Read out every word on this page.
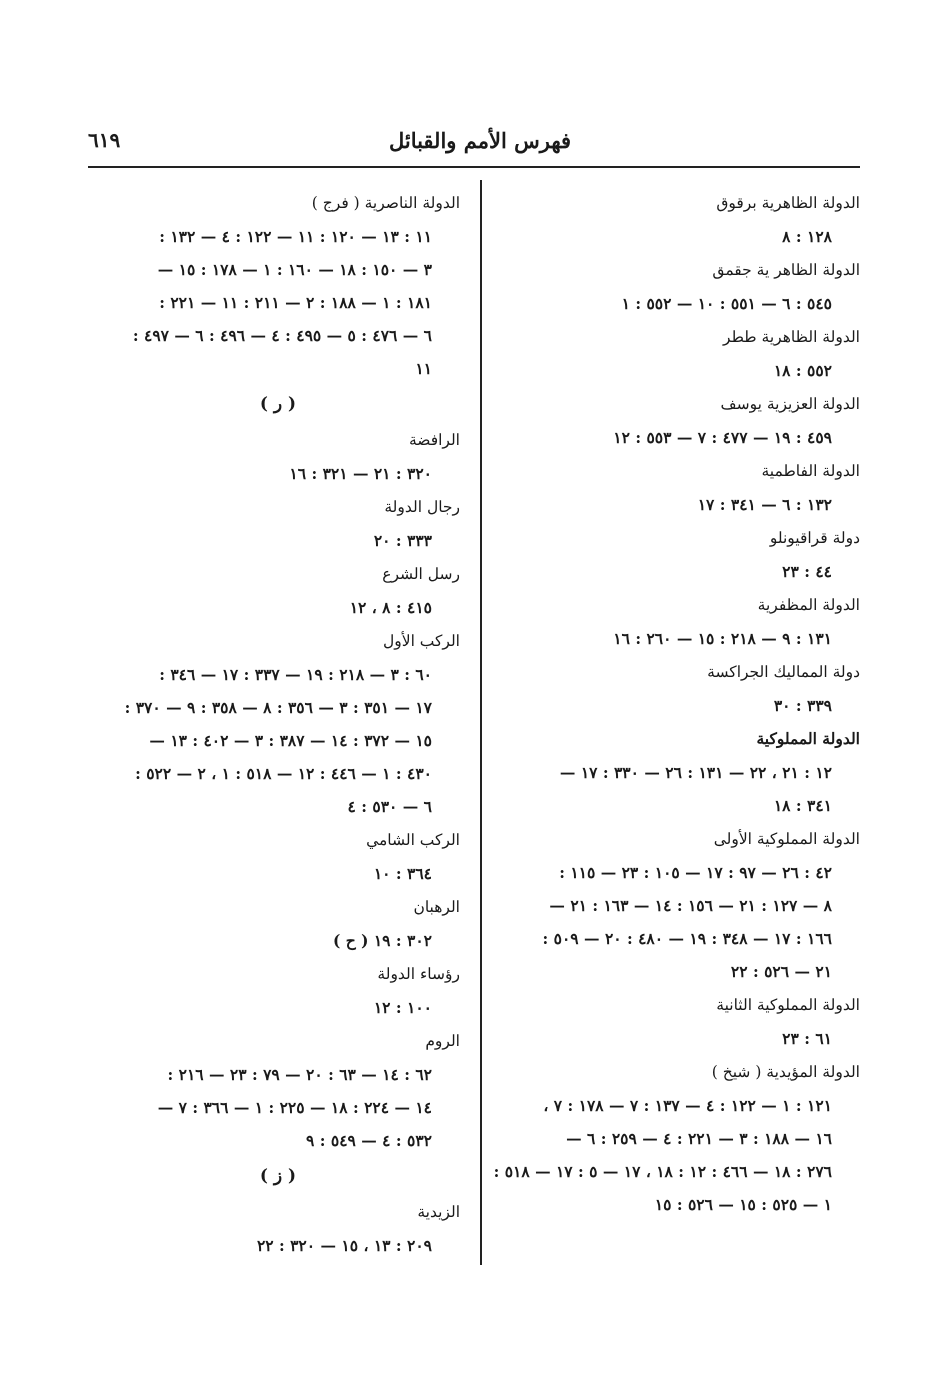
فهرس الأمم والقبائل
٦١٩
الدولة الظاهرية برقوق
١٢٨ : ٨
الدولة الظاهر ية جقمق
٥٤٥ : ٦ — ٥٥١ : ١٠ — ٥٥٢ : ١
الدولة الظاهرية ططر
٥٥٢ : ١٨
الدولة العزيزية يوسف
٤٥٩ : ١٩ — ٤٧٧ : ٧ — ٥٥٣ : ١٢
الدولة الفاطمية
١٣٢ : ٦ — ٣٤١ : ١٧
دولة قراقيونلو
٤٤ : ٢٣
الدولة المظفرية
١٣١ : ٩ — ٢١٨ : ١٥ — ٢٦٠ : ١٦
دولة المماليك الجراكسة
٣٣٩ : ٣٠
الدولة المملوكية
١٢ : ٢١ ، ٢٢ — ١٣١ : ٢٦ — ٣٣٠ : ١٧ —
٣٤١ : ١٨
الدولة المملوكية الأولى
٤٢ : ٢٦ — ٩٧ : ١٧ — ١٠٥ : ٢٣ — ١١٥ :
٨ — ١٢٧ : ٢١ — ١٥٦ : ١٤ — ١٦٣ : ٢١ —
١٦٦ : ١٧ — ٣٤٨ : ١٩ — ٤٨٠ : ٢٠ — ٥٠٩ :
٢١ — ٥٢٦ : ٢٢
الدولة المملوكية الثانية
٦١ : ٢٣
الدولة المؤيدية ( شيخ )
١٢١ : ١ — ١٢٢ : ٤ — ١٣٧ : ٧ — ١٧٨ : ٧ ،
١٦ — ١٨٨ : ٣ — ٢٢١ : ٤ — ٢٥٩ : ٦ —
٢٧٦ : ١٨ — ٤٦٦ : ١٢ : ١٨ ، ١٧ — ٥ : ١٧ — ٥١٨ :
١ — ٥٢٥ : ١٥ — ٥٢٦ : ١٥
الدولة الناصرية ( فرج )
١١ : ١٣ — ١٢٠ : ١١ — ١٢٢ : ٤ — ١٣٢ :
٣ — ١٥٠ : ١٨ — ١٦٠ : ١ — ١٧٨ : ١٥ —
١٨١ : ١ — ١٨٨ : ٢ — ٢١١ : ١١ — ٢٢١ :
٦ — ٤٧٦ : ٥ — ٤٩٥ : ٤ — ٤٩٦ : ٦ — ٤٩٧ :
١١
( ر )
الرافضة
٣٢٠ : ٢١ — ٣٢١ : ١٦
رجال الدولة
٣٣٣ : ٢٠
رسل الشرع
٤١٥ : ٨ ، ١٢
الركب الأول
٦٠ : ٣ — ٢١٨ : ١٩ — ٣٣٧ : ١٧ — ٣٤٦ :
١٧ — ٣٥١ : ٣ — ٣٥٦ : ٨ — ٣٥٨ : ٩ — ٣٧٠ :
١٥ — ٣٧٢ : ١٤ — ٣٨٧ : ٣ — ٤٠٢ : ١٣ —
٤٣٠ : ١ — ٤٤٦ : ١٢ — ٥١٨ : ١ ، ٢ — ٥٢٢ :
٦ — ٥٣٠ : ٤
الركب الشامي
٣٦٤ : ١٠
الرهبان
٣٠٢ : ١٩ ( ح )
رؤساء الدولة
١٠٠ : ١٢
الروم
٦٢ : ١٤ — ٦٣ : ٢٠ — ٧٩ : ٢٣ — ٢١٦ :
١٤ — ٢٢٤ : ١٨ — ٢٢٥ : ١ — ٣٦٦ : ٧ —
٥٣٢ : ٤ — ٥٤٩ : ٩
( ز )
الزيدية
٢٠٩ : ١٣ ، ١٥ — ٣٢٠ : ٢٢
